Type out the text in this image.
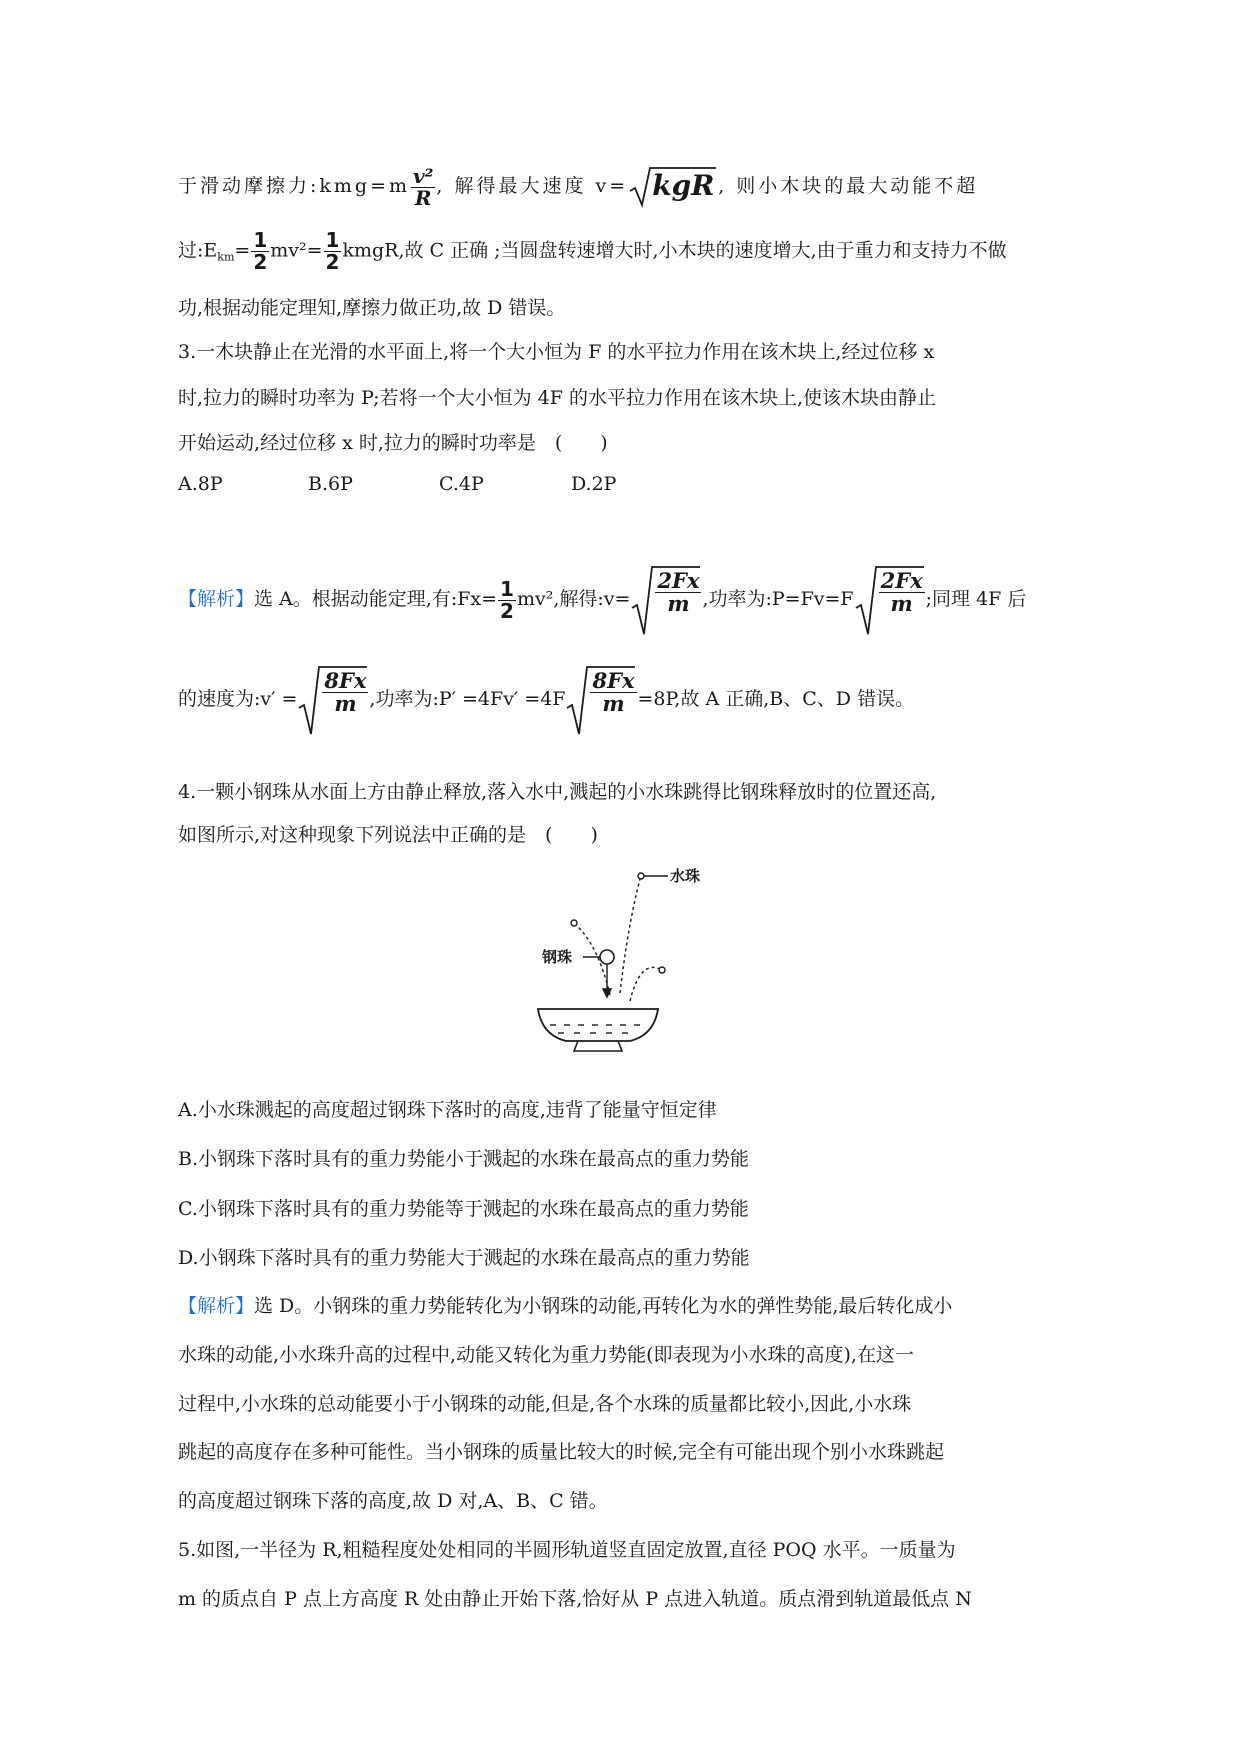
于滑动摩擦力:kmg=m $\frac{\text{v²}}{R}$ , 解得最大速度 v= kgR , 则小木块的最大动能不超
过$:E_{km}= \frac{1}{2} mv^2= \frac{1}{2}$ kmgR,故 C 正确 ;当圆盘转速增大时,小木块的速度增大,由于重力和支持力不做
功,根据动能定理知,摩擦力做正功,故 D 错误。
3.一木块静止在光滑的水平面上,将一个大小恒为 F 的水平拉力作用在该木块上,经过位移 x
时,拉力的瞬时功率为 P;若将一个大小恒为 4F 的水平拉力作用在该木块上,使该木块由静止
开始运动,经过位移 x 时,拉力的瞬时功率是　(　　)
A.8P	B.6P	C.4P	D.2P
【解析】选 A。根据动能定理,有:Fx= $\frac{1}{2} mv^2$,解得:v= $\frac{2Fx}{m}$ ,功率为:P=Fv=F $\frac{2Fx}{m}$ ;同理 4F 后
的速度为:v′ = $\frac{8Fx}{m}$ ,功率为:P′ $=4Fv' =4F \frac{8Fx}{m} =8P$,故 A 正确,B、C、D 错误。
4.一颗小钢珠从水面上方由静止释放,落入水中,溅起的小水珠跳得比钢珠释放时的位置还高,
如图所示,对这种现象下列说法中正确的是　(　　)
水珠
钢珠
A.小水珠溅起的高度超过钢珠下落时的高度,违背了能量守恒定律
B.小钢珠下落时具有的重力势能小于溅起的水珠在最高点的重力势能
C.小钢珠下落时具有的重力势能等于溅起的水珠在最高点的重力势能
D.小钢珠下落时具有的重力势能大于溅起的水珠在最高点的重力势能
【解析】选 D。小钢珠的重力势能转化为小钢珠的动能,再转化为水的弹性势能,最后转化成小
水珠的动能,小水珠升高的过程中,动能又转化为重力势能(即表现为小水珠的高度),在这一
过程中,小水珠的总动能要小于小钢珠的动能,但是,各个水珠的质量都比较小,因此,小水珠
跳起的高度存在多种可能性。当小钢珠的质量比较大的时候,完全有可能出现个别小水珠跳起
的高度超过钢珠下落的高度,故 D 对,A、B、C 错。
5.如图,一半径为 R,粗糙程度处处相同的半圆形轨道竖直固定放置,直径 POQ 水平。一质量为
m 的质点自 P 点上方高度 R 处由静止开始下落,恰好从 P 点进入轨道。质点滑到轨道最低点 N
